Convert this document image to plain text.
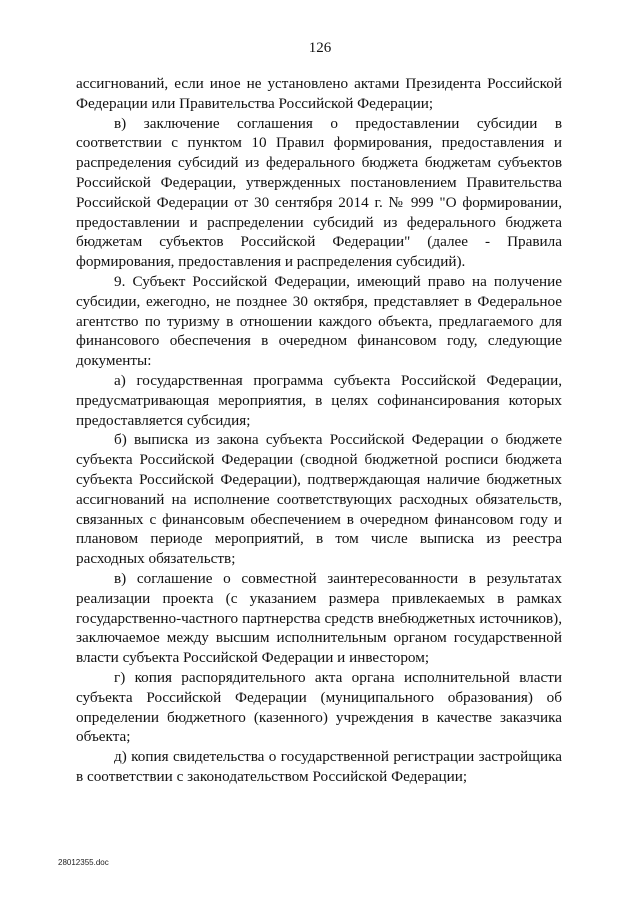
126

ассигнований, если иное не установлено актами Президента Российской Федерации или Правительства Российской Федерации;

в) заключение соглашения о предоставлении субсидии в соответствии с пунктом 10 Правил формирования, предоставления и распределения субсидий из федерального бюджета бюджетам субъектов Российской Федерации, утвержденных постановлением Правительства Российской Федерации от 30 сентября 2014 г. № 999 "О формировании, предоставлении и распределении субсидий из федерального бюджета бюджетам субъектов Российской Федерации" (далее - Правила формирования, предоставления и распределения субсидий).

9. Субъект Российской Федерации, имеющий право на получение субсидии, ежегодно, не позднее 30 октября, представляет в Федеральное агентство по туризму в отношении каждого объекта, предлагаемого для финансового обеспечения в очередном финансовом году, следующие документы:

а) государственная программа субъекта Российской Федерации, предусматривающая мероприятия, в целях софинансирования которых предоставляется субсидия;

б) выписка из закона субъекта Российской Федерации о бюджете субъекта Российской Федерации (сводной бюджетной росписи бюджета субъекта Российской Федерации), подтверждающая наличие бюджетных ассигнований на исполнение соответствующих расходных обязательств, связанных с финансовым обеспечением в очередном финансовом году и плановом периоде мероприятий, в том числе выписка из реестра расходных обязательств;

в) соглашение о совместной заинтересованности в результатах реализации проекта (с указанием размера привлекаемых в рамках государственно-частного партнерства средств внебюджетных источников), заключаемое между высшим исполнительным органом государственной власти субъекта Российской Федерации и инвестором;

г) копия распорядительного акта органа исполнительной власти субъекта Российской Федерации (муниципального образования) об определении бюджетного (казенного) учреждения в качестве заказчика объекта;

д) копия свидетельства о государственной регистрации застройщика в соответствии с законодательством Российской Федерации;

28012355.doc
